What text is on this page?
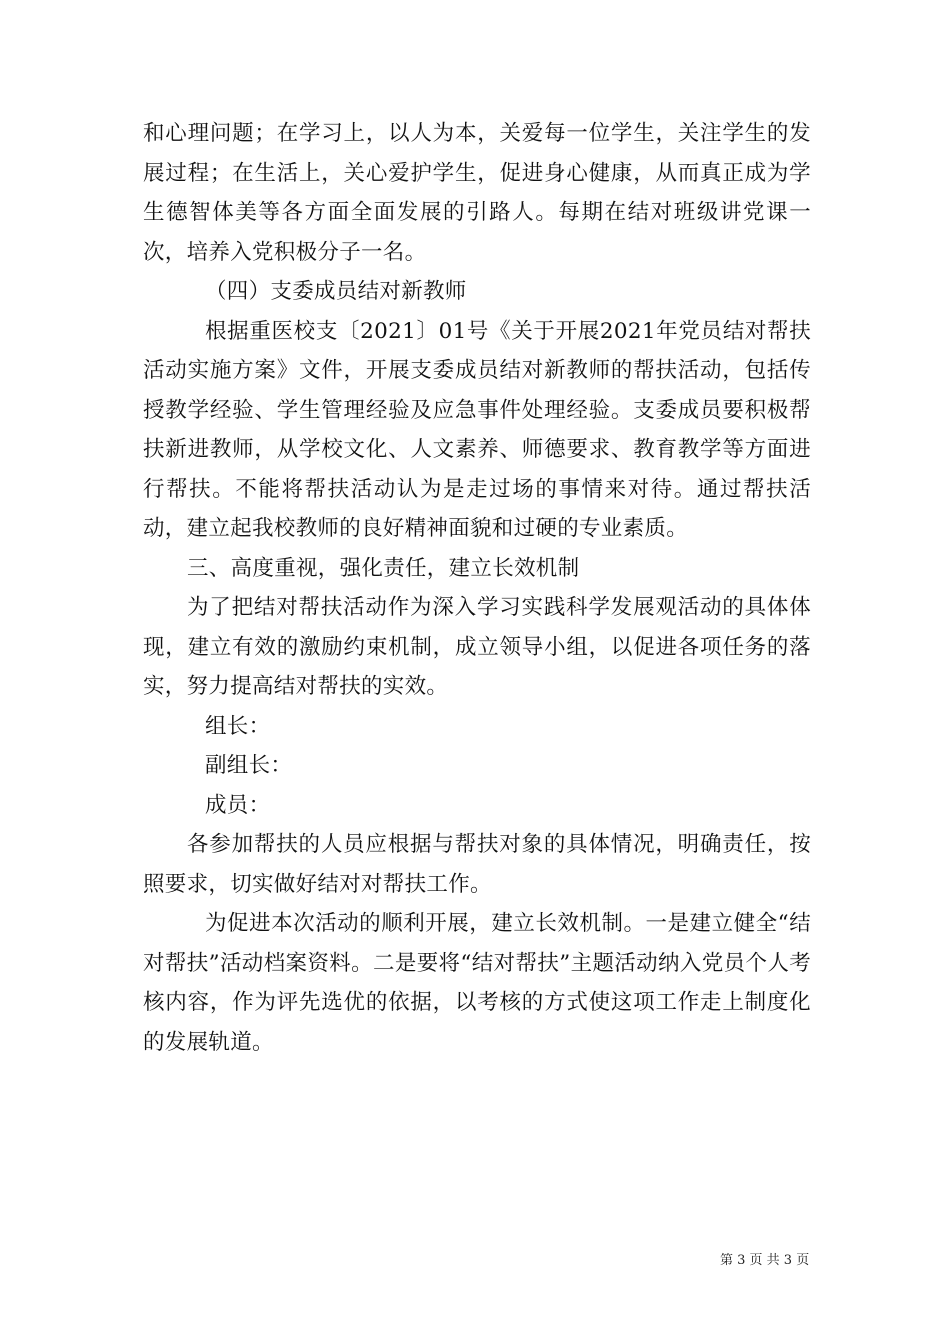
和心理问题；在学习上，以人为本，关爱每一位学生，关注学生的发展过程；在生活上，关心爱护学生，促进身心健康，从而真正成为学生德智体美等各方面全面发展的引路人。每期在结对班级讲党课一次，培养入党积极分子一名。

（四）支委成员结对新教师

根据重医校支〔2021〕01号《关于开展2021年党员结对帮扶活动实施方案》文件，开展支委成员结对新教师的帮扶活动，包括传授教学经验、学生管理经验及应急事件处理经验。支委成员要积极帮扶新进教师，从学校文化、人文素养、师德要求、教育教学等方面进行帮扶。不能将帮扶活动认为是走过场的事情来对待。通过帮扶活动，建立起我校教师的良好精神面貌和过硬的专业素质。

三、高度重视，强化责任，建立长效机制

为了把结对帮扶活动作为深入学习实践科学发展观活动的具体体现，建立有效的激励约束机制，成立领导小组，以促进各项任务的落实，努力提高结对帮扶的实效。

组长：

副组长：

成员：

各参加帮扶的人员应根据与帮扶对象的具体情况，明确责任，按照要求，切实做好结对对帮扶工作。

为促进本次活动的顺利开展，建立长效机制。一是建立健全“结对帮扶”活动档案资料。二是要将“结对帮扶”主题活动纳入党员个人考核内容，作为评先选优的依据，以考核的方式使这项工作走上制度化的发展轨道。

第 3 页 共 3 页
